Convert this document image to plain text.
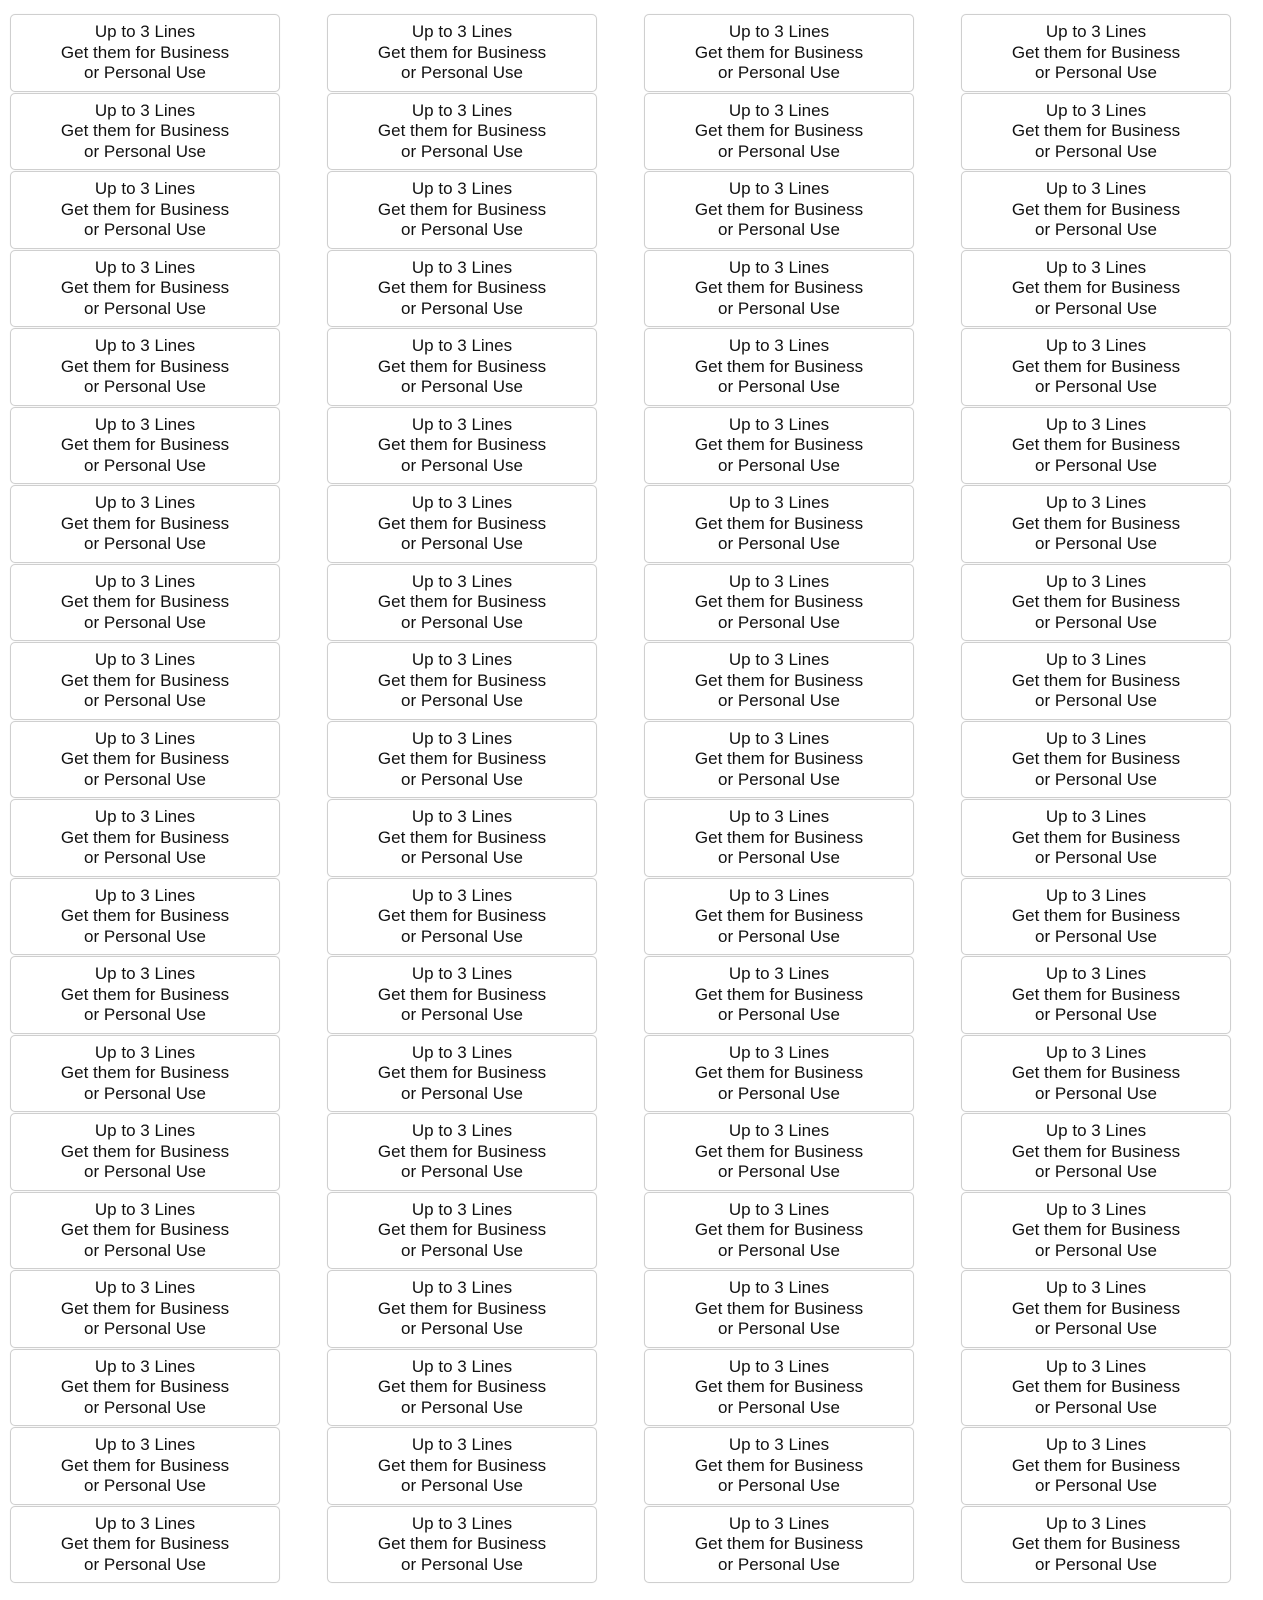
Up to 3 Lines
Get them for Business
or Personal Use
Up to 3 Lines
Get them for Business
or Personal Use
Up to 3 Lines
Get them for Business
or Personal Use
Up to 3 Lines
Get them for Business
or Personal Use
Up to 3 Lines
Get them for Business
or Personal Use
Up to 3 Lines
Get them for Business
or Personal Use
Up to 3 Lines
Get them for Business
or Personal Use
Up to 3 Lines
Get them for Business
or Personal Use
Up to 3 Lines
Get them for Business
or Personal Use
Up to 3 Lines
Get them for Business
or Personal Use
Up to 3 Lines
Get them for Business
or Personal Use
Up to 3 Lines
Get them for Business
or Personal Use
Up to 3 Lines
Get them for Business
or Personal Use
Up to 3 Lines
Get them for Business
or Personal Use
Up to 3 Lines
Get them for Business
or Personal Use
Up to 3 Lines
Get them for Business
or Personal Use
Up to 3 Lines
Get them for Business
or Personal Use
Up to 3 Lines
Get them for Business
or Personal Use
Up to 3 Lines
Get them for Business
or Personal Use
Up to 3 Lines
Get them for Business
or Personal Use
Up to 3 Lines
Get them for Business
or Personal Use
Up to 3 Lines
Get them for Business
or Personal Use
Up to 3 Lines
Get them for Business
or Personal Use
Up to 3 Lines
Get them for Business
or Personal Use
Up to 3 Lines
Get them for Business
or Personal Use
Up to 3 Lines
Get them for Business
or Personal Use
Up to 3 Lines
Get them for Business
or Personal Use
Up to 3 Lines
Get them for Business
or Personal Use
Up to 3 Lines
Get them for Business
or Personal Use
Up to 3 Lines
Get them for Business
or Personal Use
Up to 3 Lines
Get them for Business
or Personal Use
Up to 3 Lines
Get them for Business
or Personal Use
Up to 3 Lines
Get them for Business
or Personal Use
Up to 3 Lines
Get them for Business
or Personal Use
Up to 3 Lines
Get them for Business
or Personal Use
Up to 3 Lines
Get them for Business
or Personal Use
Up to 3 Lines
Get them for Business
or Personal Use
Up to 3 Lines
Get them for Business
or Personal Use
Up to 3 Lines
Get them for Business
or Personal Use
Up to 3 Lines
Get them for Business
or Personal Use
Up to 3 Lines
Get them for Business
or Personal Use
Up to 3 Lines
Get them for Business
or Personal Use
Up to 3 Lines
Get them for Business
or Personal Use
Up to 3 Lines
Get them for Business
or Personal Use
Up to 3 Lines
Get them for Business
or Personal Use
Up to 3 Lines
Get them for Business
or Personal Use
Up to 3 Lines
Get them for Business
or Personal Use
Up to 3 Lines
Get them for Business
or Personal Use
Up to 3 Lines
Get them for Business
or Personal Use
Up to 3 Lines
Get them for Business
or Personal Use
Up to 3 Lines
Get them for Business
or Personal Use
Up to 3 Lines
Get them for Business
or Personal Use
Up to 3 Lines
Get them for Business
or Personal Use
Up to 3 Lines
Get them for Business
or Personal Use
Up to 3 Lines
Get them for Business
or Personal Use
Up to 3 Lines
Get them for Business
or Personal Use
Up to 3 Lines
Get them for Business
or Personal Use
Up to 3 Lines
Get them for Business
or Personal Use
Up to 3 Lines
Get them for Business
or Personal Use
Up to 3 Lines
Get them for Business
or Personal Use
Up to 3 Lines
Get them for Business
or Personal Use
Up to 3 Lines
Get them for Business
or Personal Use
Up to 3 Lines
Get them for Business
or Personal Use
Up to 3 Lines
Get them for Business
or Personal Use
Up to 3 Lines
Get them for Business
or Personal Use
Up to 3 Lines
Get them for Business
or Personal Use
Up to 3 Lines
Get them for Business
or Personal Use
Up to 3 Lines
Get them for Business
or Personal Use
Up to 3 Lines
Get them for Business
or Personal Use
Up to 3 Lines
Get them for Business
or Personal Use
Up to 3 Lines
Get them for Business
or Personal Use
Up to 3 Lines
Get them for Business
or Personal Use
Up to 3 Lines
Get them for Business
or Personal Use
Up to 3 Lines
Get them for Business
or Personal Use
Up to 3 Lines
Get them for Business
or Personal Use
Up to 3 Lines
Get them for Business
or Personal Use
Up to 3 Lines
Get them for Business
or Personal Use
Up to 3 Lines
Get them for Business
or Personal Use
Up to 3 Lines
Get them for Business
or Personal Use
Up to 3 Lines
Get them for Business
or Personal Use
